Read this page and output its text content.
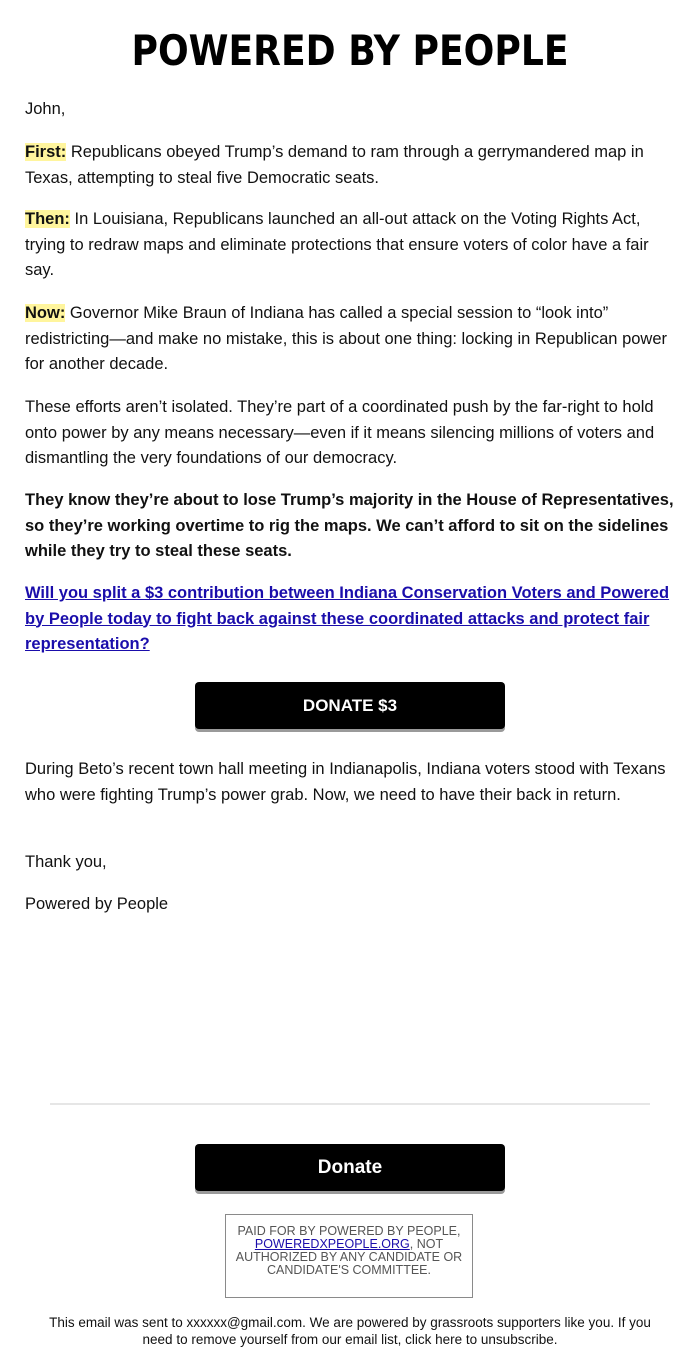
POWERED BY PEOPLE

John,

First: Republicans obeyed Trump’s demand to ram through a gerrymandered map in Texas, attempting to steal five Democratic seats.

Then: In Louisiana, Republicans launched an all-out attack on the Voting Rights Act, trying to redraw maps and eliminate protections that ensure voters of color have a fair say.

Now: Governor Mike Braun of Indiana has called a special session to “look into” redistricting—and make no mistake, this is about one thing: locking in Republican power for another decade.

These efforts aren’t isolated. They’re part of a coordinated push by the far-right to hold onto power by any means necessary—even if it means silencing millions of voters and dismantling the very foundations of our democracy.

They know they’re about to lose Trump’s majority in the House of Representatives, so they’re working overtime to rig the maps. We can’t afford to sit on the sidelines while they try to steal these seats.

Will you split a $3 contribution between Indiana Conservation Voters and Powered by People today to fight back against these coordinated attacks and protect fair representation?

DONATE $3

During Beto’s recent town hall meeting in Indianapolis, Indiana voters stood with Texans who were fighting Trump’s power grab. Now, we need to have their back in return.

Thank you,

Powered by People

Donate
PAID FOR BY POWERED BY PEOPLE, POWEREDXPEOPLE.ORG, NOT AUTHORIZED BY ANY CANDIDATE OR CANDIDATE'S COMMITTEE.
This email was sent to xxxxxx@gmail.com. We are powered by grassroots supporters like you. If you need to remove yourself from our email list, click here to unsubscribe.
